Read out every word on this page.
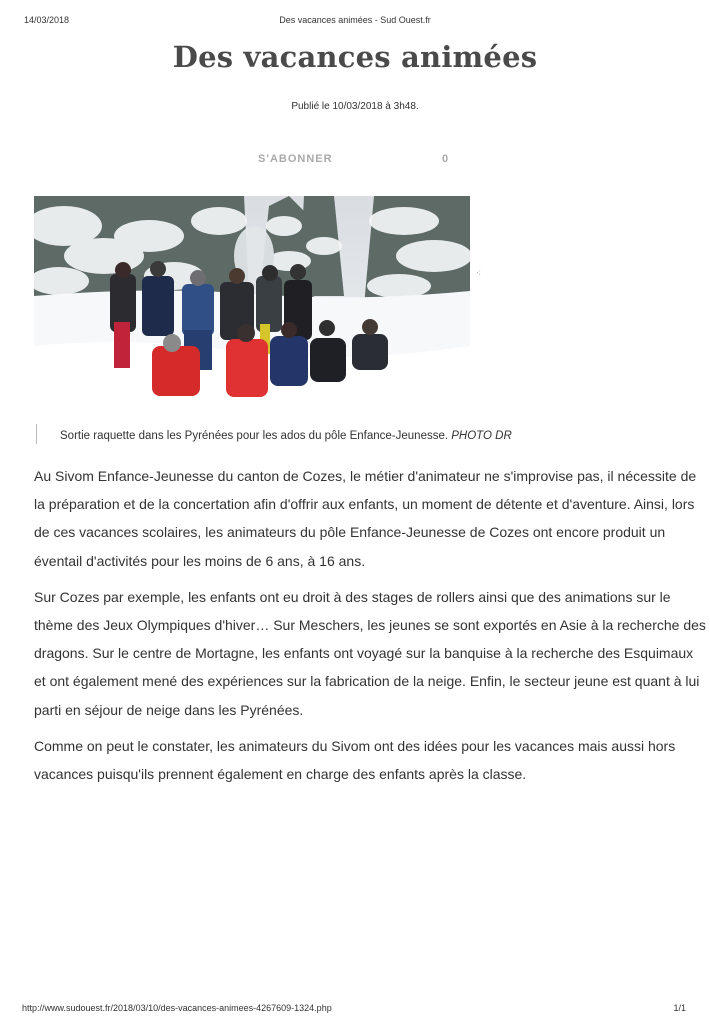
14/03/2018	Des vacances animées - Sud Ouest.fr
Des vacances animées
Publié le 10/03/2018 à 3h48.
S'ABONNER	0
·:
Sortie raquette dans les Pyrénées pour les ados du pôle Enfance-Jeunesse. PHOTO DR

Au Sivom Enfance-Jeunesse du canton de Cozes, le métier d'animateur ne s'improvise pas, il nécessite de la préparation et de la concertation afin d'offrir aux enfants, un moment de détente et d'aventure. Ainsi, lors de ces vacances scolaires, les animateurs du pôle Enfance-Jeunesse de Cozes ont encore produit un éventail d'activités pour les moins de 6 ans, à 16 ans.

Sur Cozes par exemple, les enfants ont eu droit à des stages de rollers ainsi que des animations sur le thème des Jeux Olympiques d'hiver… Sur Meschers, les jeunes se sont exportés en Asie à la recherche des dragons. Sur le centre de Mortagne, les enfants ont voyagé sur la banquise à la recherche des Esquimaux et ont également mené des expériences sur la fabrication de la neige. Enfin, le secteur jeune est quant à lui parti en séjour de neige dans les Pyrénées.

Comme on peut le constater, les animateurs du Sivom ont des idées pour les vacances mais aussi hors vacances puisqu'ils prennent également en charge des enfants après la classe.

http://www.sudouest.fr/2018/03/10/des-vacances-animees-4267609-1324.php	1/1
